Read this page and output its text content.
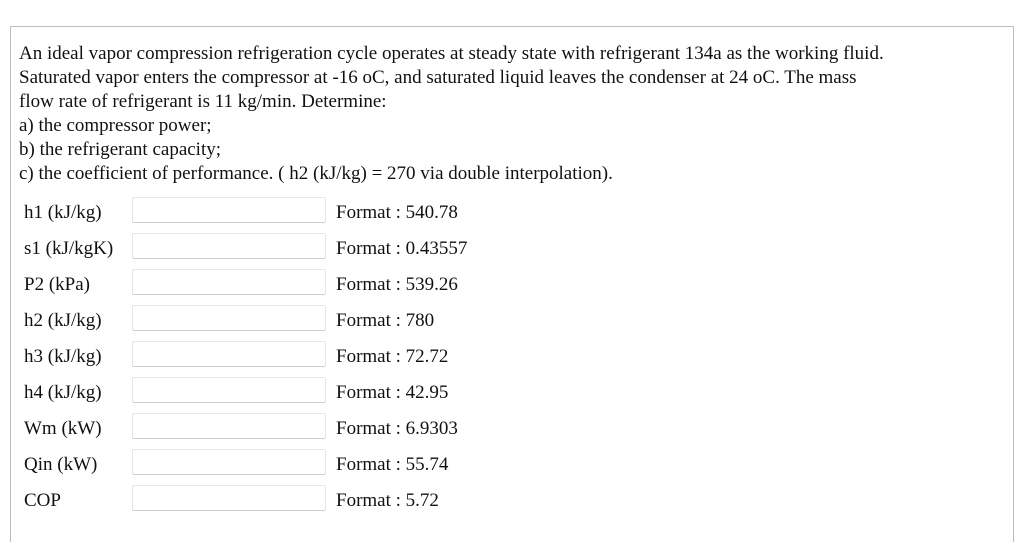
An ideal vapor compression refrigeration cycle operates at steady state with refrigerant 134a as the working fluid.

Saturated vapor enters the compressor at -16 oC, and saturated liquid leaves the condenser at 24 oC. The mass

flow rate of refrigerant is 11 kg/min. Determine:

a) the compressor power;

b) the refrigerant capacity;

c) the coefficient of performance. ( h2 (kJ/kg) = 270 via double interpolation).

h1 (kJ/kg)	Format : 540.78
s1 (kJ/kgK)	Format : 0.43557
P2 (kPa)	Format : 539.26
h2 (kJ/kg)	Format : 780
h3 (kJ/kg)	Format : 72.72
h4 (kJ/kg)	Format : 42.95
Wm (kW)	Format : 6.9303
Qin (kW)	Format : 55.74
COP	Format : 5.72
